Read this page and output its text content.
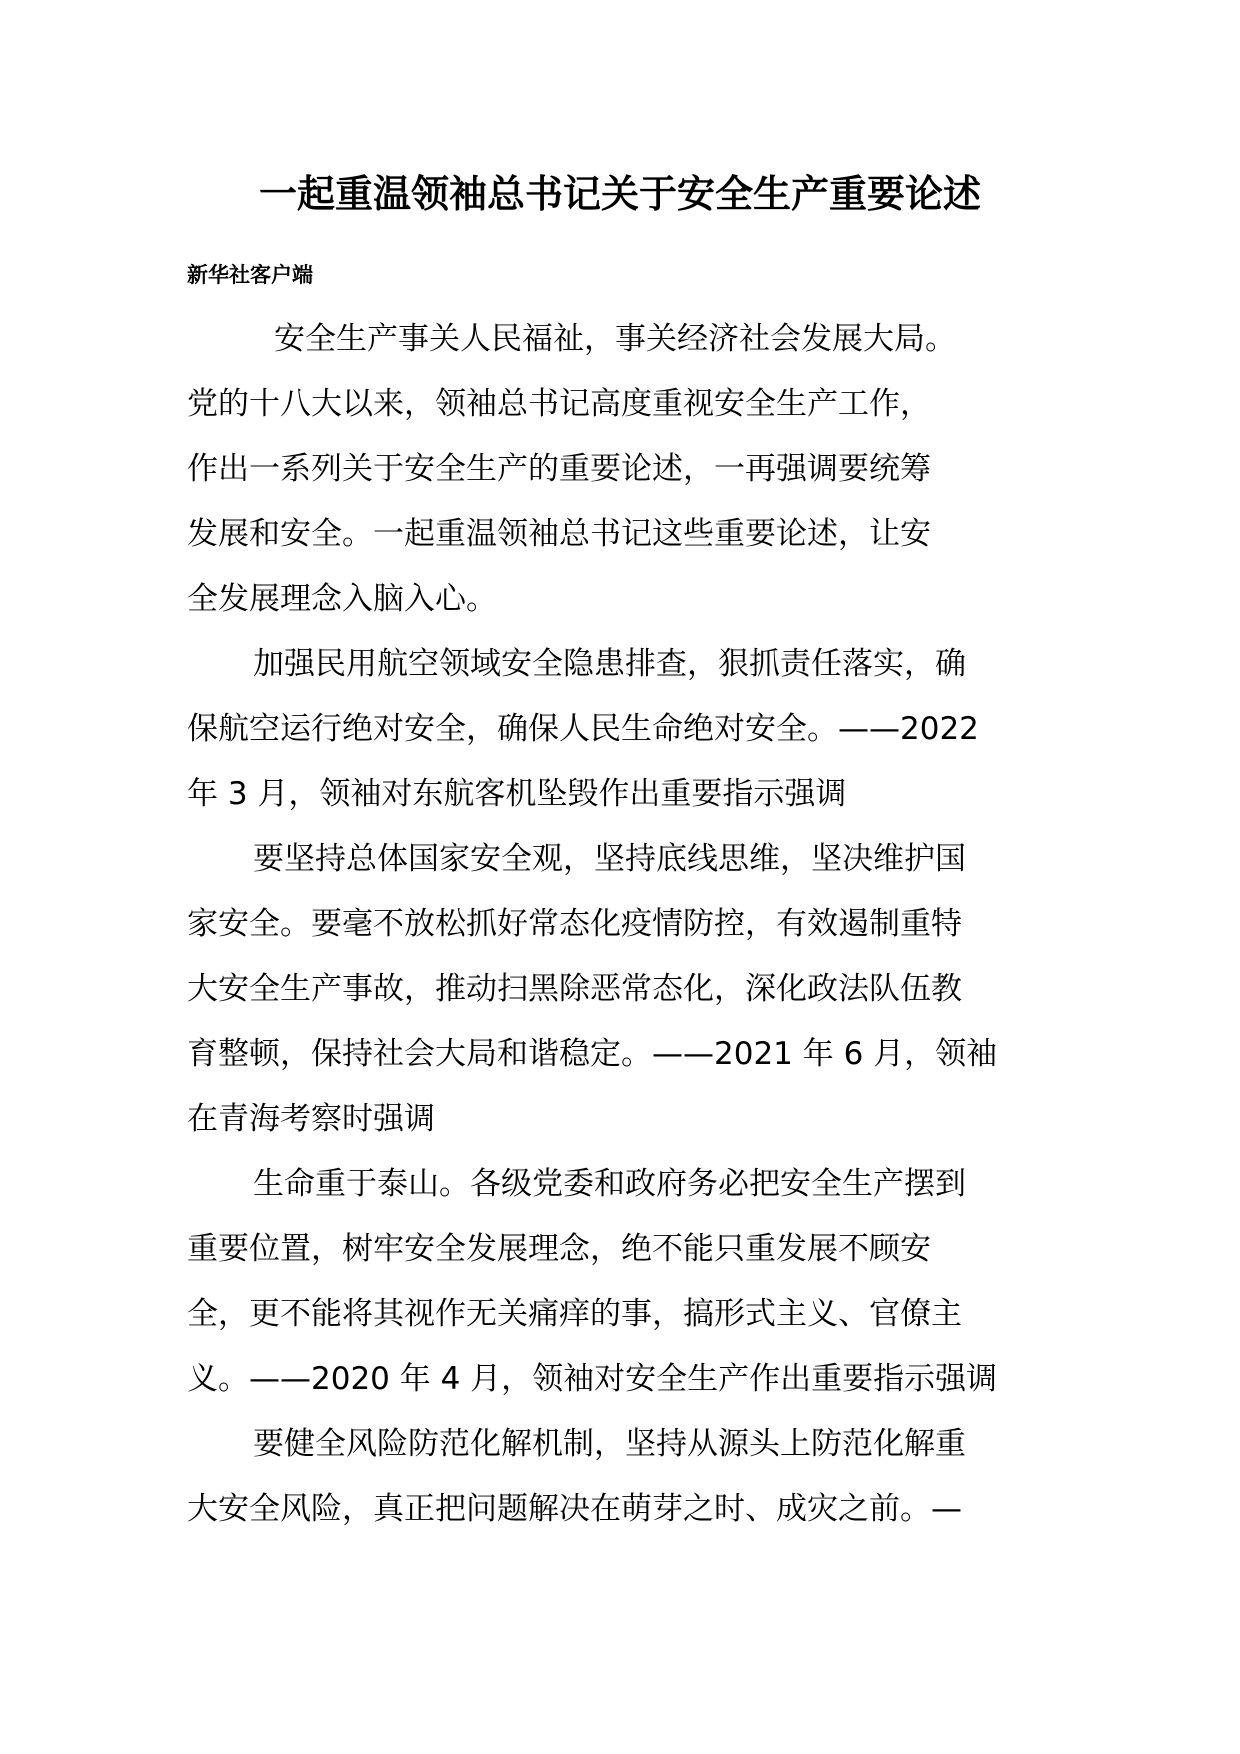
一起重温领袖总书记关于安全生产重要论述
新华社客户端
安全生产事关人民福祉，事关经济社会发展大局。
党的十八大以来，领袖总书记高度重视安全生产工作，
作出一系列关于安全生产的重要论述，一再强调要统筹
发展和安全。一起重温领袖总书记这些重要论述，让安
全发展理念入脑入心。
加强民用航空领域安全隐患排查，狠抓责任落实，确
保航空运行绝对安全，确保人民生命绝对安全。——2022
年 3 月，领袖对东航客机坠毁作出重要指示强调
要坚持总体国家安全观，坚持底线思维，坚决维护国
家安全。要毫不放松抓好常态化疫情防控，有效遏制重特
大安全生产事故，推动扫黑除恶常态化，深化政法队伍教
育整顿，保持社会大局和谐稳定。——2021 年 6 月，领袖
在青海考察时强调
生命重于泰山。各级党委和政府务必把安全生产摆到
重要位置，树牢安全发展理念，绝不能只重发展不顾安
全，更不能将其视作无关痛痒的事，搞形式主义、官僚主
义。——2020 年 4 月，领袖对安全生产作出重要指示强调
要健全风险防范化解机制，坚持从源头上防范化解重
大安全风险，真正把问题解决在萌芽之时、成灾之前。—
